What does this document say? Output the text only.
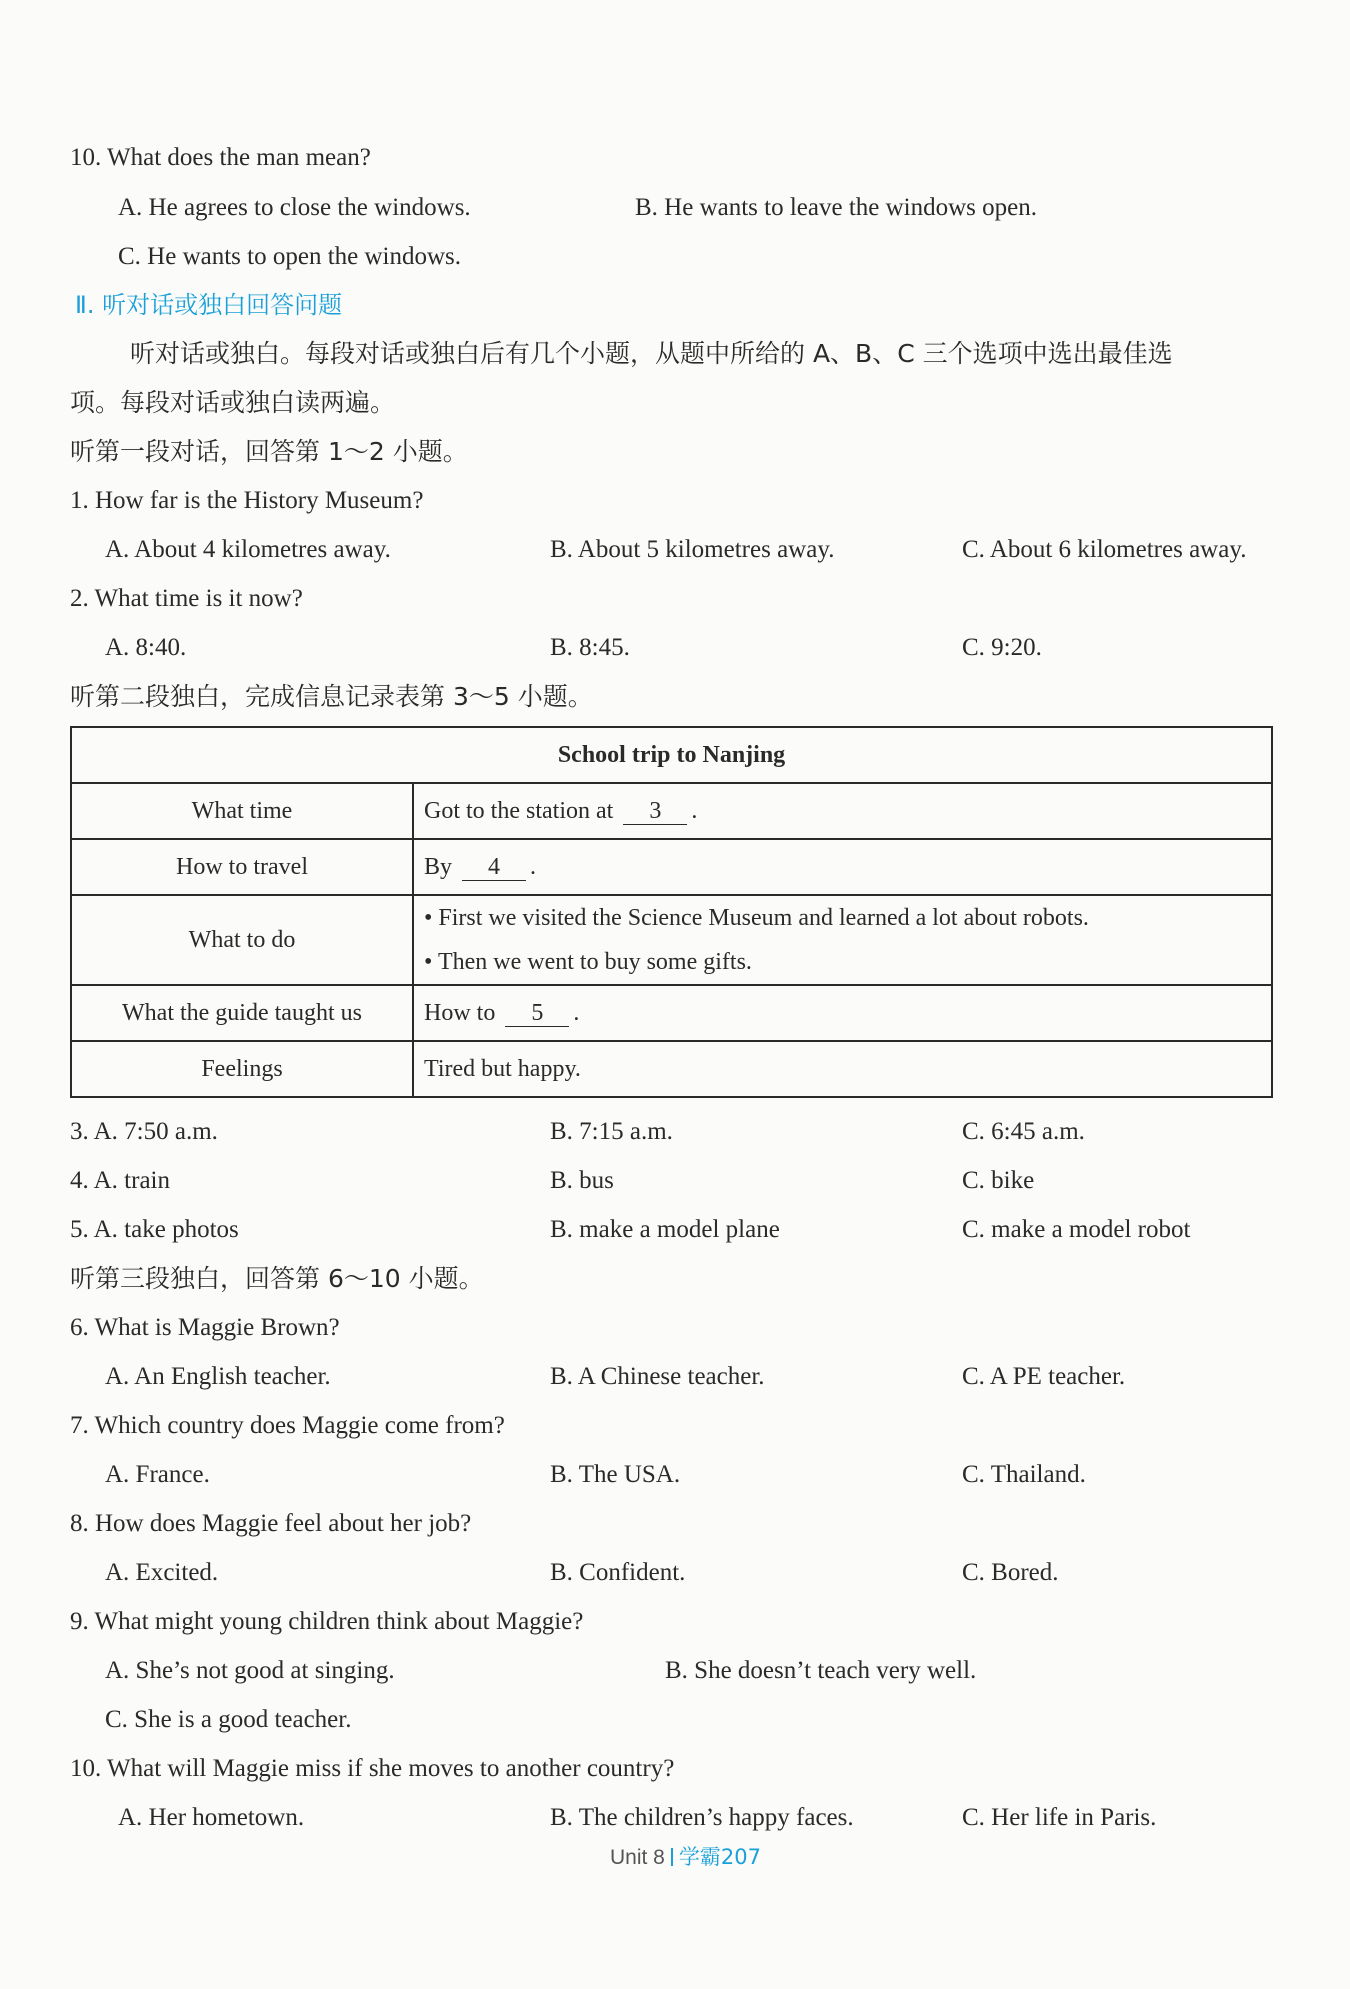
10. What does the man mean?
A. He agrees to close the windows.	B. He wants to leave the windows open.
C. He wants to open the windows.
Ⅱ. 听对话或独白回答问题
听对话或独白。每段对话或独白后有几个小题，从题中所给的 A、B、C 三个选项中选出最佳选
项。每段对话或独白读两遍。
听第一段对话，回答第 1～2 小题。
1. How far is the History Museum?
A. About 4 kilometres away.	B. About 5 kilometres away.	C. About 6 kilometres away.
2. What time is it now?
A. 8:40.	B. 8:45.	C. 9:20.
听第二段独白，完成信息记录表第 3～5 小题。
School trip to Nanjing	
What time	Got to the station at 3 .
How to travel	By 4 .
What to do	• First we visited the Science Museum and learned a lot about robots.
• Then we went to buy some gifts.

What the guide taught us	How to 5 .
Feelings	Tired but happy.
3. A. 7:50 a.m.	B. 7:15 a.m.	C. 6:45 a.m.
4. A. train	B. bus	C. bike
5. A. take photos	B. make a model plane	C. make a model robot
听第三段独白，回答第 6～10 小题。
6. What is Maggie Brown?
A. An English teacher.	B. A Chinese teacher.	C. A PE teacher.
7. Which country does Maggie come from?
A. France.	B. The USA.	C. Thailand.
8. How does Maggie feel about her job?
A. Excited.	B. Confident.	C. Bored.
9. What might young children think about Maggie?
A. She’s not good at singing.	B. She doesn’t teach very well.
C. She is a good teacher.
10. What will Maggie miss if she moves to another country?
A. Her hometown.	B. The children’s happy faces.	C. Her life in Paris.
Unit 8 学霸207
